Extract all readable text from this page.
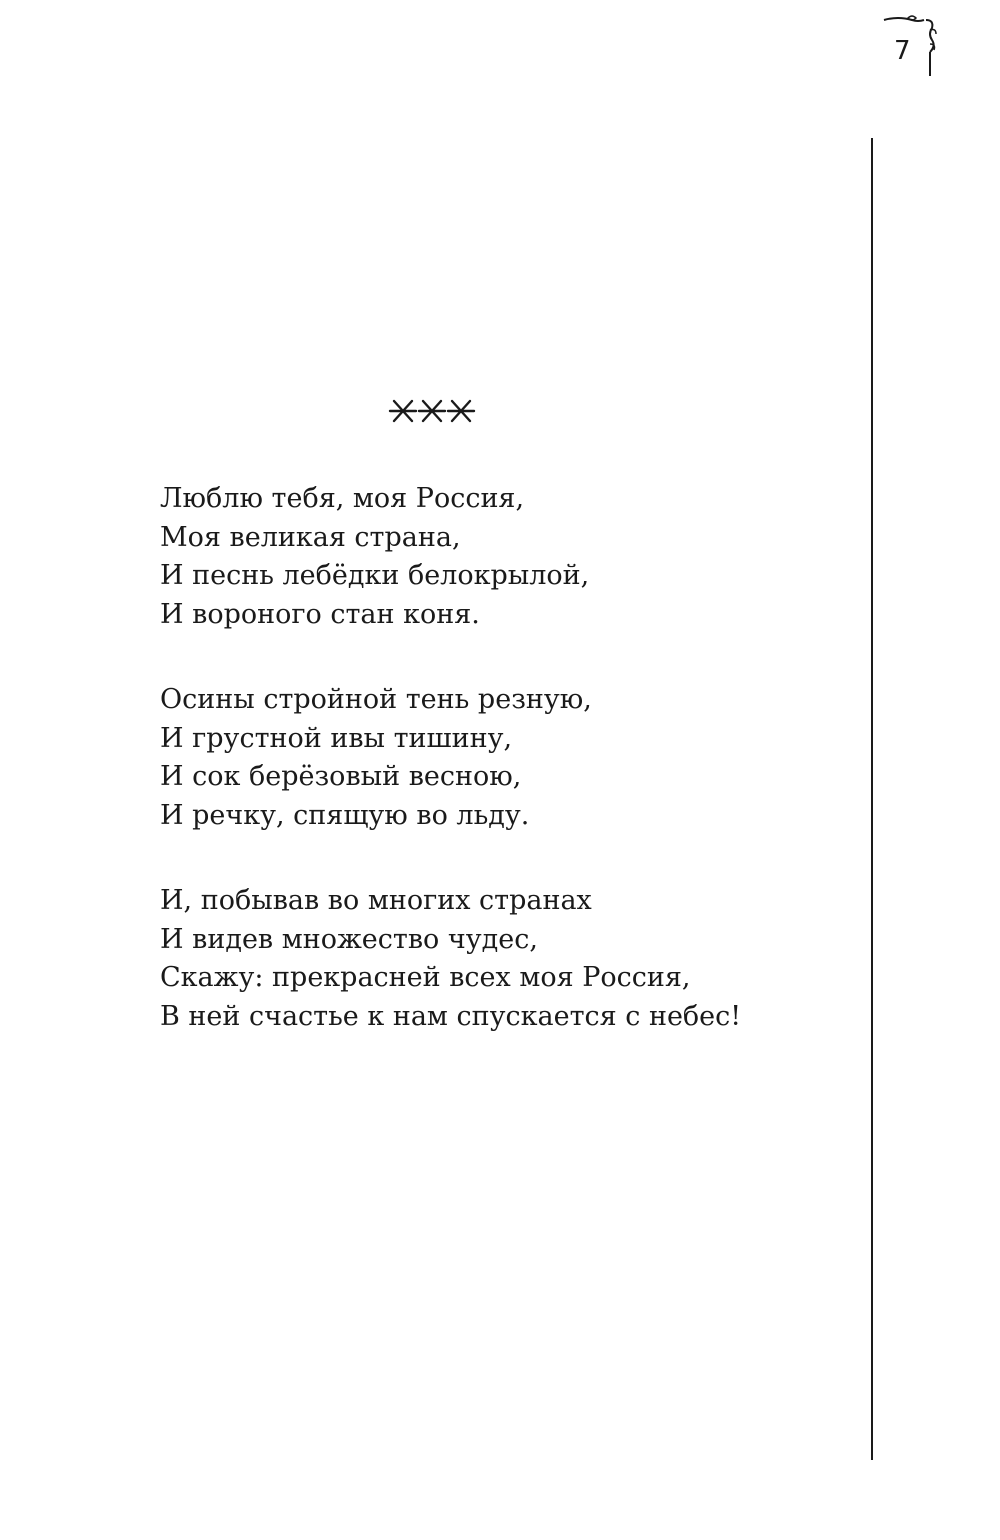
7
Люблю тебя, моя Россия,
Моя великая страна,
И песнь лебёдки белокрылой,
И вороного стан коня.
Осины стройной тень резную,
И грустной ивы тишину,
И сок берёзовый весною,
И речку, спящую во льду.
И, побывав во многих странах
И видев множество чудес,
Скажу: прекрасней всех моя Россия,
В ней счастье к нам спускается с небес!
